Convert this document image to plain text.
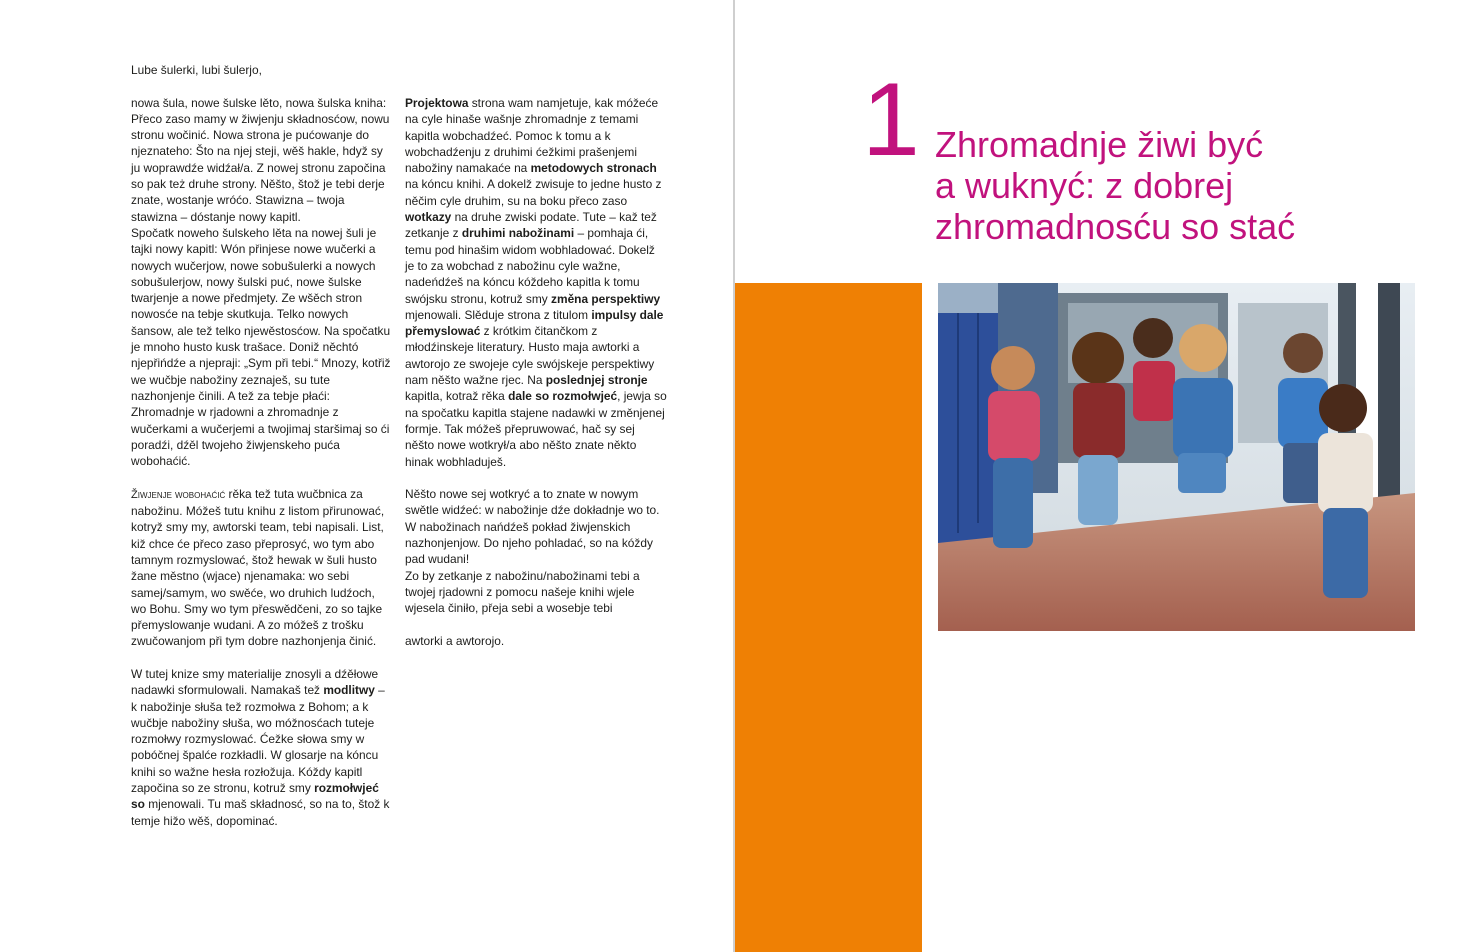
Lube šulerki, lubi šulerjo,

nowa šula, nowe šulske lěto, nowa šulska kniha: Přeco zaso mamy w žiwjenju składnosćow, nowu stronu wočinić. Nowa strona je pućowanje do njeznateho: Što na njej steji, wěš hakle, hdyž sy ju woprawdźe widźał/a. Z nowej stronu započina so pak też druhe strony. Něšto, štož je tebi derje znate, wostanje wróćo. Stawizna – twoja stawizna – dóstanje nowy kapitl.

Spočatk noweho šulskeho lěta na nowej šuli je tajki nowy kapitl: Wón přinjese nowe wučerki a nowych wučerjow, nowe sobušulerki a nowych sobušulerjow, nowy šulski puć, nowe šulske twarjenje a nowe předmjety. Ze wšěch stron nowosće na tebje skutkuja. Telko nowych šansow, ale tež telko njewěstosćow. Na spočatku je mnoho husto kusk trašace. Doniž něchtó njepřińdźe a njepraji: „Sym při tebi.“ Mnozy, kotřiž we wučbje nabožiny zeznaješ, su tute nazhonjenje činili. A tež za tebje płaći: Zhromadnje w rjadowni a zhromadnje z wučerkami a wučerjemi a twojimaj staršimaj so ći poradźi, dźěl twojeho žiwjenskeho puća wobohaćić.

Žiwjenje wobohaćić rěka tež tuta wučbnica za nabožinu. Móžeš tutu knihu z listom přirunować, kotryž smy my, awtorski team, tebi napisali. List, kiž chce će přeco zaso přeprosyć, wo tym abo tamnym rozmyslować, štož hewak w šuli husto žane městno (wjace) njenamaka: wo sebi samej/samym, wo swěće, wo druhich ludźoch, wo Bohu. Smy wo tym přeswědčeni, zo so tajke přemyslowanje wudani. A zo móžeš z trošku zwučowanjom při tym dobre nazhonjenja činić.

W tutej knize smy materialije znosyli a dźěłowe nadawki sformulowali. Namakaš tež modlitwy – k nabožinje słuša tež rozmołwa z Bohom; a k wučbje nabožiny słuša, wo móžnosćach tuteje rozmołwy rozmyslować. Ćežke słowa smy w pobóčnej špalće rozkładli. W glosarje na kóncu knihi so wažne hesła rozłožuja. Kóždy kapitl započina so ze stronu, kotruž smy rozmołwjeć so mjenowali. Tu maš składnosć, so na to, štož k temje hižo wěš, dopominać.

Projektowa strona wam namjetuje, kak móžeće na cyle hinaše wašnje zhromadnje z temami kapitla wobchadźeć. Pomoc k tomu a k wobchadźenju z druhimi ćežkimi prašenjemi nabožiny namakaće na metodowych stronach na kóncu knihi. A dokelž zwisuje to jedne husto z něčim cyle druhim, su na boku přeco zaso wotkazy na druhe zwiski podate. Tute – kaž tež zetkanje z druhimi nabožinami – pomhaja ći, temu pod hinašim widom wobhladować. Dokelž je to za wobchad z nabožinu cyle wažne, nadeńdźeš na kóncu kóždeho kapitla k tomu swójsku stronu, kotruž smy změna perspektiwy mjenowali. Slěduje strona z titulom impulsy dale přemyslować z krótkim čitančkom z młodźinskeje literatury. Husto maja awtorki a awtorojo ze swojeje cyle swójskeje perspektiwy nam něšto wažne rjec. Na poslednjej stronje kapitla, kotraž rěka dale so rozmołwjeć, jewja so na spočatku kapitla stajene nadawki w změnjenej formje. Tak móžeš přepruwować, hač sy sej něšto nowe wotkrył/a abo něšto znate někto hinak wobhladuješ.

Něšto nowe sej wotkryć a to znate w nowym swětle widźeć: w nabožinje dźe dokładnje wo to. W nabožinach nańdźeš pokład žiwjenskich nazhonjenjow. Do njeho pohladać, so na kóždy pad wudani!

Zo by zetkanje z nabožinu/nabožinami tebi a twojej rjadowni z pomocu našeje knihi wjele wjesela činiło, přeja sebi a wosebje tebi

awtorki a awtorojo.

1 Zhromadnje žiwi być
a wuknyć: z dobrej
zhromadnosću so stać
